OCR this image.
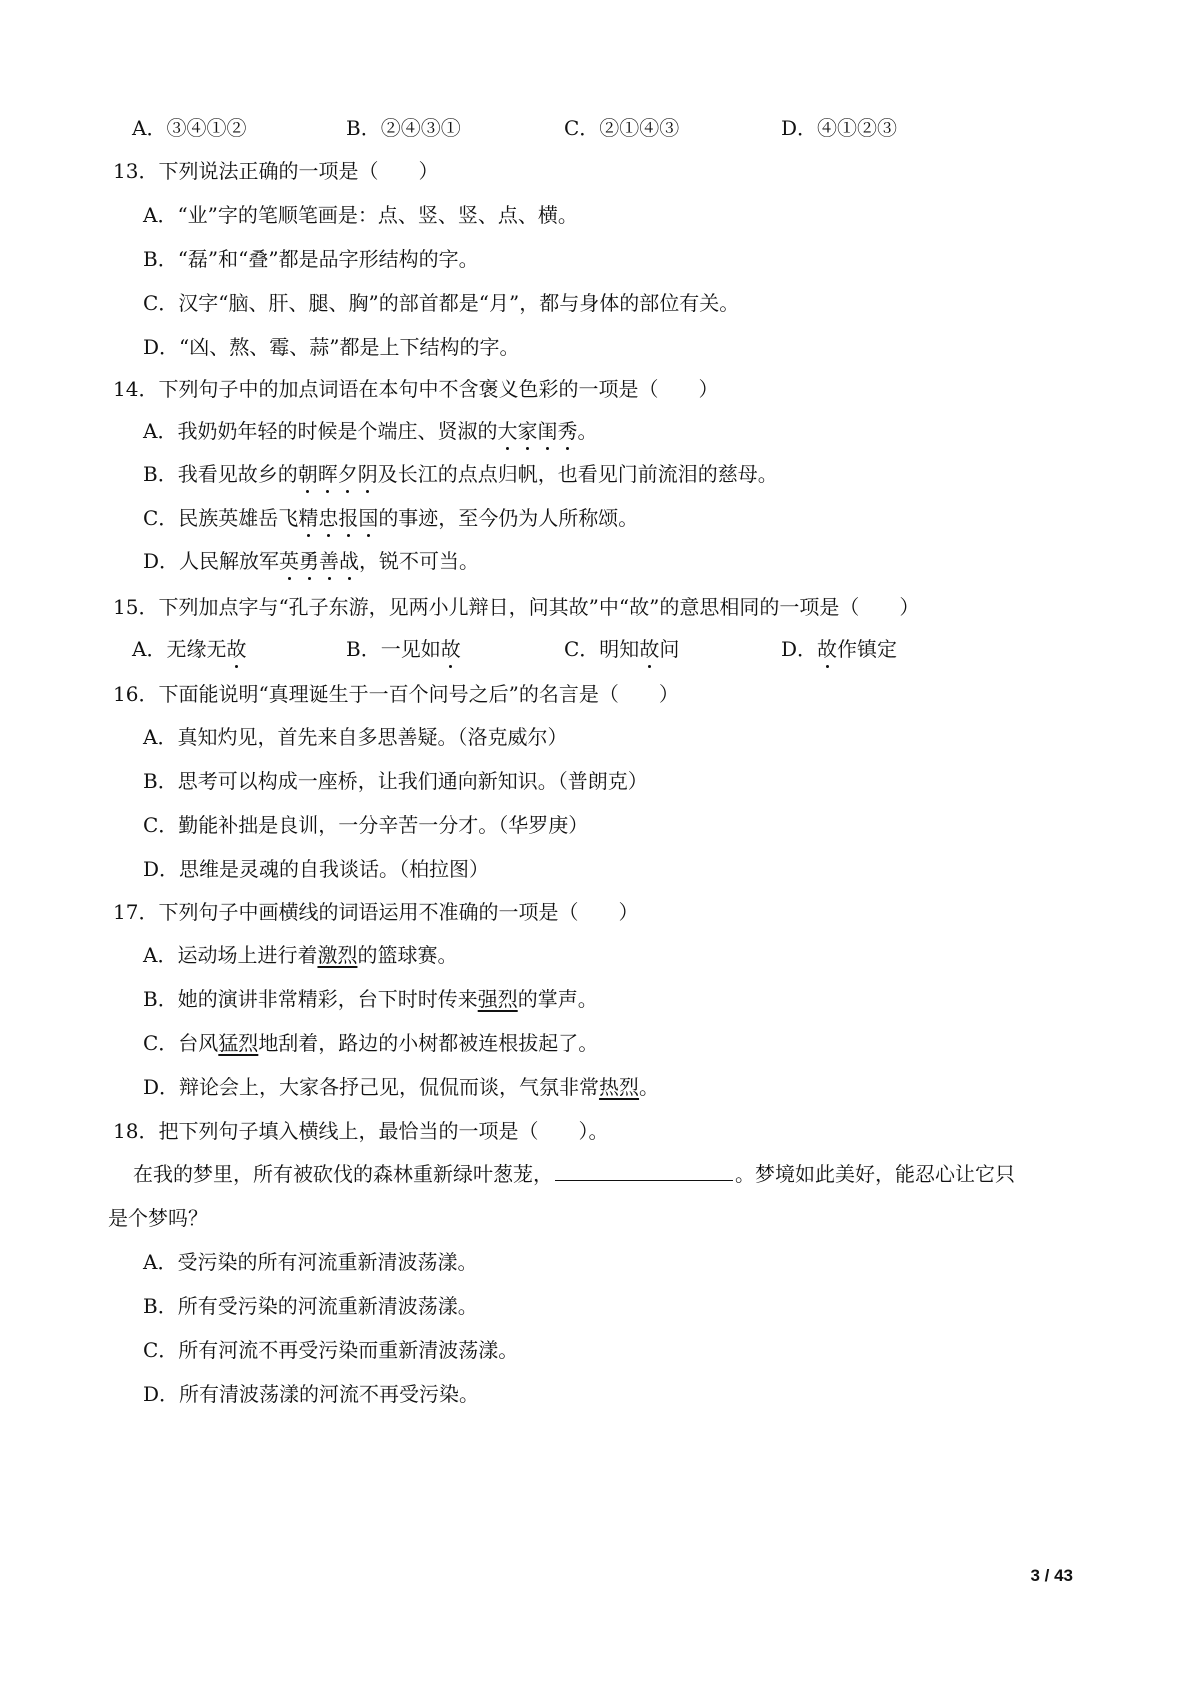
A．③④①②	B．②④③①	C．②①④③	D．④①②③
13．下列说法正确的一项是（　　）
A．“业”字的笔顺笔画是：点、竖、竖、点、横。
B．“磊”和“叠”都是品字形结构的字。
C．汉字“脑、肝、腿、胸”的部首都是“月”，都与身体的部位有关。
D．“凶、熬、霉、蒜”都是上下结构的字。
14．下列句子中的加点词语在本句中不含褒义色彩的一项是（　　）
A．我奶奶年轻的时候是个端庄、贤淑的大家闺秀。
B．我看见故乡的朝晖夕阴及长江的点点归帆，也看见门前流泪的慈母。
C．民族英雄岳飞精忠报国的事迹，至今仍为人所称颂。
D．人民解放军英勇善战，锐不可当。
15．下列加点字与“孔子东游，见两小儿辩日，问其故”中“故”的意思相同的一项是（　　）
A．无缘无故	B．一见如故	C．明知故问	D．故作镇定
16．下面能说明“真理诞生于一百个问号之后”的名言是（　　）
A．真知灼见，首先来自多思善疑。（洛克威尔）
B．思考可以构成一座桥，让我们通向新知识。（普朗克）
C．勤能补拙是良训，一分辛苦一分才。（华罗庚）
D．思维是灵魂的自我谈话。（柏拉图）
17．下列句子中画横线的词语运用不准确的一项是（　　）
A．运动场上进行着激烈的篮球赛。
B．她的演讲非常精彩，台下时时传来强烈的掌声。
C．台风猛烈地刮着，路边的小树都被连根拔起了。
D．辩论会上，大家各抒己见，侃侃而谈，气氛非常热烈。
18．把下列句子填入横线上，最恰当的一项是（　　）。
在我的梦里，所有被砍伐的森林重新绿叶葱茏，	。梦境如此美好，能忍心让它只
是个梦吗？
A．受污染的所有河流重新清波荡漾。
B．所有受污染的河流重新清波荡漾。
C．所有河流不再受污染而重新清波荡漾。
D．所有清波荡漾的河流不再受污染。
3 / 43
